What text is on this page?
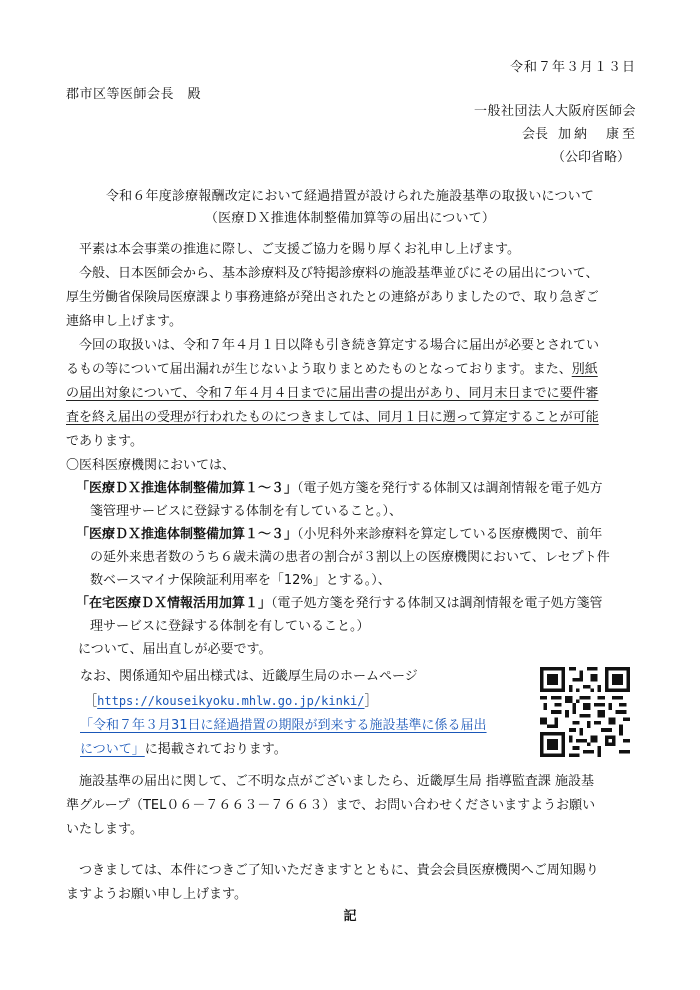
令和７年３月１３日
郡市区等医師会長　殿
一般社団法人大阪府医師会
会長 加納　康至
（公印省略）
令和６年度診療報酬改定において経過措置が設けられた施設基準の取扱いについて
（医療ＤＸ推進体制整備加算等の届出について）
平素は本会事業の推進に際し、ご支援ご協力を賜り厚くお礼申し上げます。
今般、日本医師会から、基本診療料及び特掲診療料の施設基準並びにその届出について、
厚生労働省保険局医療課より事務連絡が発出されたとの連絡がありましたので、取り急ぎご
連絡申し上げます。
今回の取扱いは、令和７年４月１日以降も引き続き算定する場合に届出が必要とされてい
るもの等について届出漏れが生じないよう取りまとめたものとなっております。また、別紙
の届出対象について、令和７年４月４日までに届出書の提出があり、同月末日までに要件審
査を終え届出の受理が行われたものにつきましては、同月１日に遡って算定することが可能
であります。
〇医科医療機関においては、
「医療ＤＸ推進体制整備加算１～３」（電子処方箋を発行する体制又は調剤情報を電子処方
箋管理サービスに登録する体制を有していること。）、
「医療ＤＸ推進体制整備加算１～３」（小児科外来診療料を算定している医療機関で、前年
の延外来患者数のうち６歳未満の患者の割合が３割以上の医療機関において、レセプト件
数ベースマイナ保険証利用率を「12%」とする。）、
「在宅医療ＤＸ情報活用加算１」（電子処方箋を発行する体制又は調剤情報を電子処方箋管
理サービスに登録する体制を有していること。）
について、届出直しが必要です。
なお、関係通知や届出様式は、近畿厚生局のホームページ
［https://kouseikyoku.mhlw.go.jp/kinki/］
「令和７年３月31日に経過措置の期限が到来する施設基準に係る届出
について」に掲載されております。
施設基準の届出に関して、ご不明な点がございましたら、近畿厚生局 指導監査課 施設基
準グループ（TEL０６－７６６３－７６６３）まで、お問い合わせくださいますようお願い
いたします。
つきましては、本件につきご了知いただきますとともに、貴会会員医療機関へご周知賜り
ますようお願い申し上げます。
記
